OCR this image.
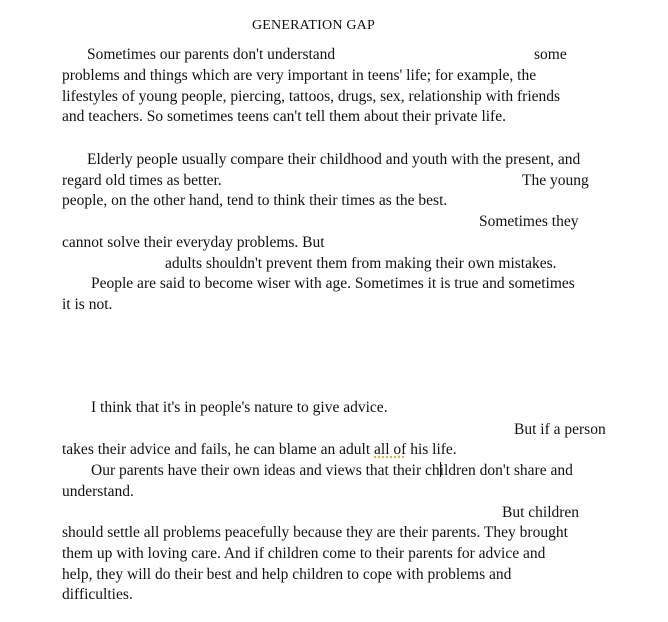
GENERATION GAP
Sometimes our parents don't understand	some
problems and things which are very important in teens' life; for example, the
lifestyles of young people, piercing, tattoos, drugs, sex, relationship with friends
and teachers. So sometimes teens can't tell them about their private life.
Elderly people usually compare their childhood and youth with the present, and
regard old times as better.	The young
people, on the other hand, tend to think their times as the best.
Sometimes they
cannot solve their everyday problems. But
adults shouldn't prevent them from making their own mistakes.
People are said to become wiser with age. Sometimes it is true and sometimes
it is not.
I think that it's in people's nature to give advice.
But if a person
takes their advice and fails, he can blame an adult all of his life.
Our parents have their own ideas and views that their children don't share and
understand.
But children
should settle all problems peacefully because they are their parents. They brought
them up with loving care. And if children come to their parents for advice and
help, they will do their best and help children to cope with problems and
difficulties.
